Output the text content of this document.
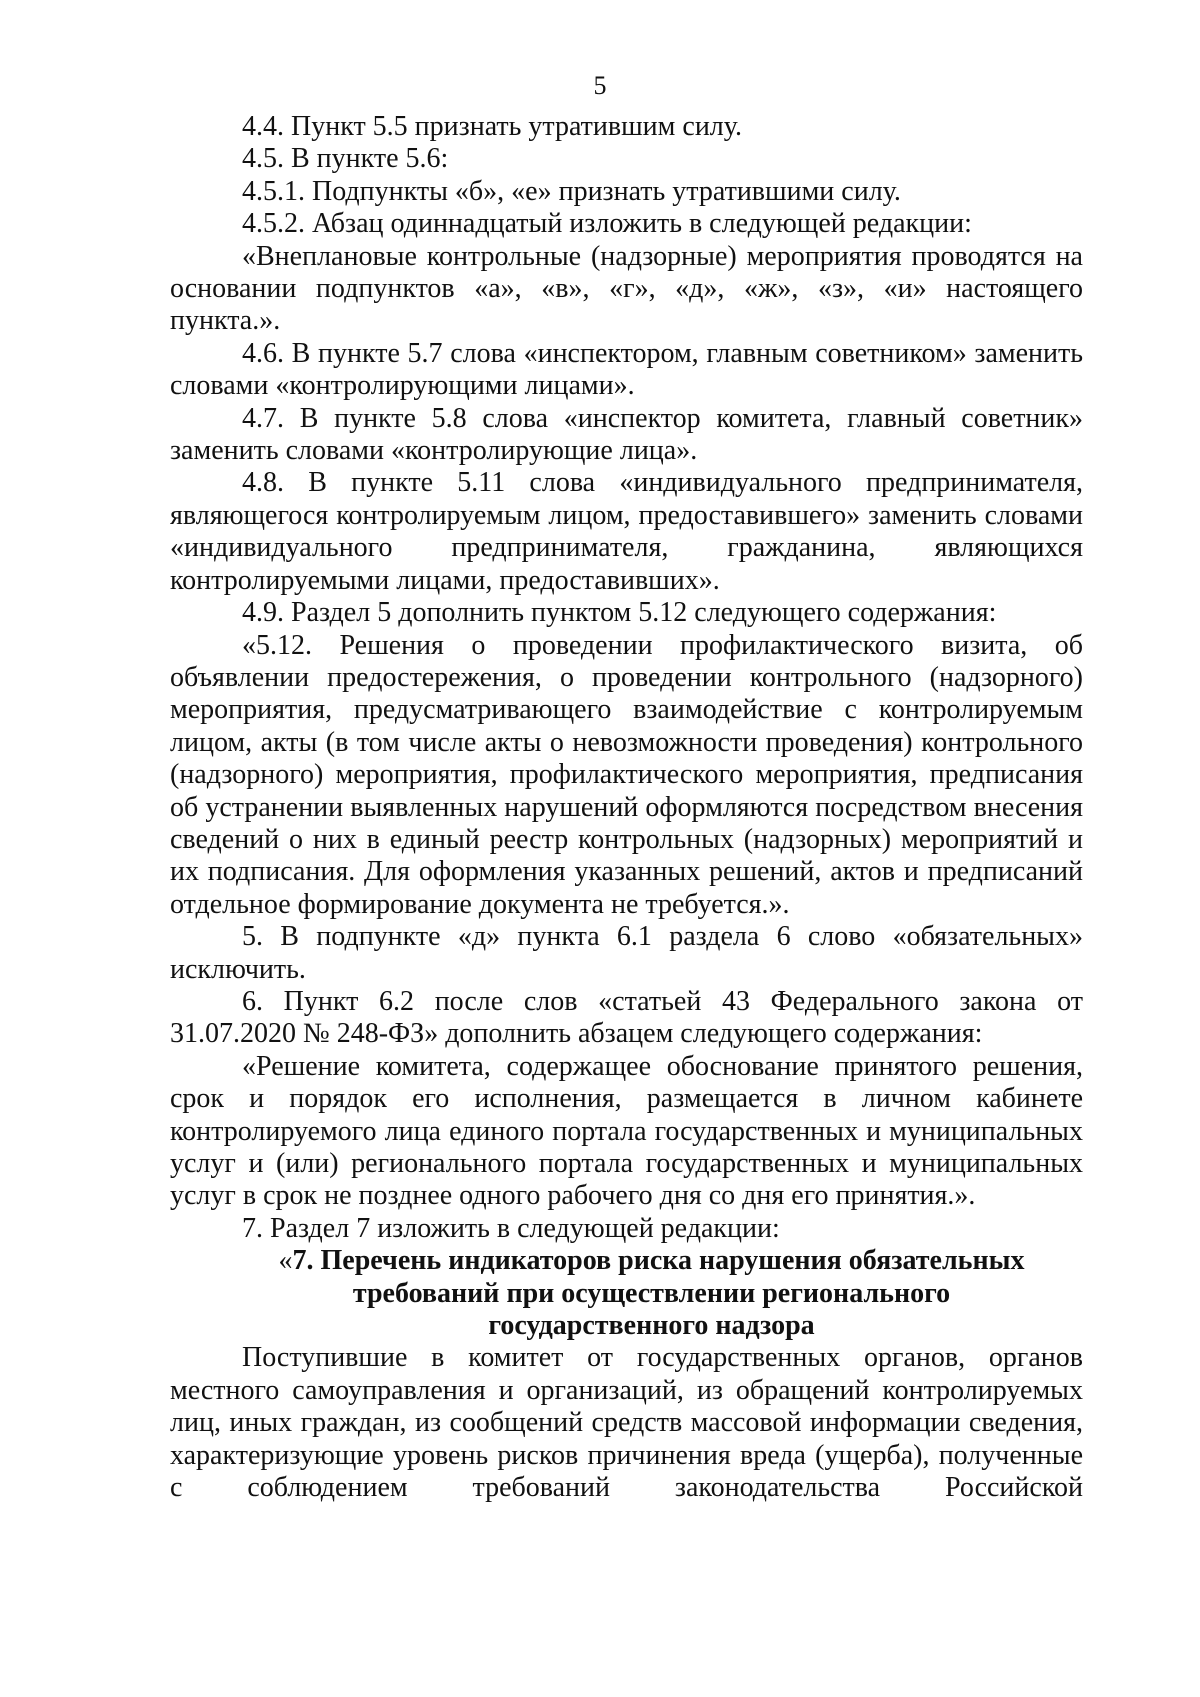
5

4.4. Пункт 5.5 признать утратившим силу.

4.5. В пункте 5.6:

4.5.1. Подпункты «б», «е» признать утратившими силу.

4.5.2. Абзац одиннадцатый изложить в следующей редакции:

«Внеплановые контрольные (надзорные) мероприятия проводятся на основании подпунктов «а», «в», «г», «д», «ж», «з», «и» настоящего пункта.».

4.6. В пункте 5.7 слова «инспектором, главным советником» заменить словами «контролирующими лицами».

4.7. В пункте 5.8 слова «инспектор комитета, главный советник» заменить словами «контролирующие лица».

4.8. В пункте 5.11 слова «индивидуального предпринимателя, являющегося контролируемым лицом, предоставившего» заменить словами «индивидуального предпринимателя, гражданина, являющихся контролируемыми лицами, предоставивших».

4.9. Раздел 5 дополнить пунктом 5.12 следующего содержания:

«5.12. Решения о проведении профилактического визита, об объявлении предостережения, о проведении контрольного (надзорного) мероприятия, предусматривающего взаимодействие с контролируемым лицом, акты (в том числе акты о невозможности проведения) контрольного (надзорного) мероприятия, профилактического мероприятия, предписания об устранении выявленных нарушений оформляются посредством внесения сведений о них в единый реестр контрольных (надзорных) мероприятий и их подписания. Для оформления указанных решений, актов и предписаний отдельное формирование документа не требуется.».

5. В подпункте «д» пункта 6.1 раздела 6 слово «обязательных» исключить.

6. Пункт 6.2 после слов «статьей 43 Федерального закона от 31.07.2020 № 248-ФЗ» дополнить абзацем следующего содержания:

«Решение комитета, содержащее обоснование принятого решения, срок и порядок его исполнения, размещается в личном кабинете контролируемого лица единого портала государственных и муниципальных услуг и (или) регионального портала государственных и муниципальных услуг в срок не позднее одного рабочего дня со дня его принятия.».

7. Раздел 7 изложить в следующей редакции:

«7. Перечень индикаторов риска нарушения обязательных
требований при осуществлении регионального
государственного надзора

Поступившие в комитет от государственных органов, органов местного самоуправления и организаций, из обращений контролируемых лиц, иных граждан, из сообщений средств массовой информации сведения, характеризующие уровень рисков причинения вреда (ущерба), полученные с соблюдением требований законодательства Российской
